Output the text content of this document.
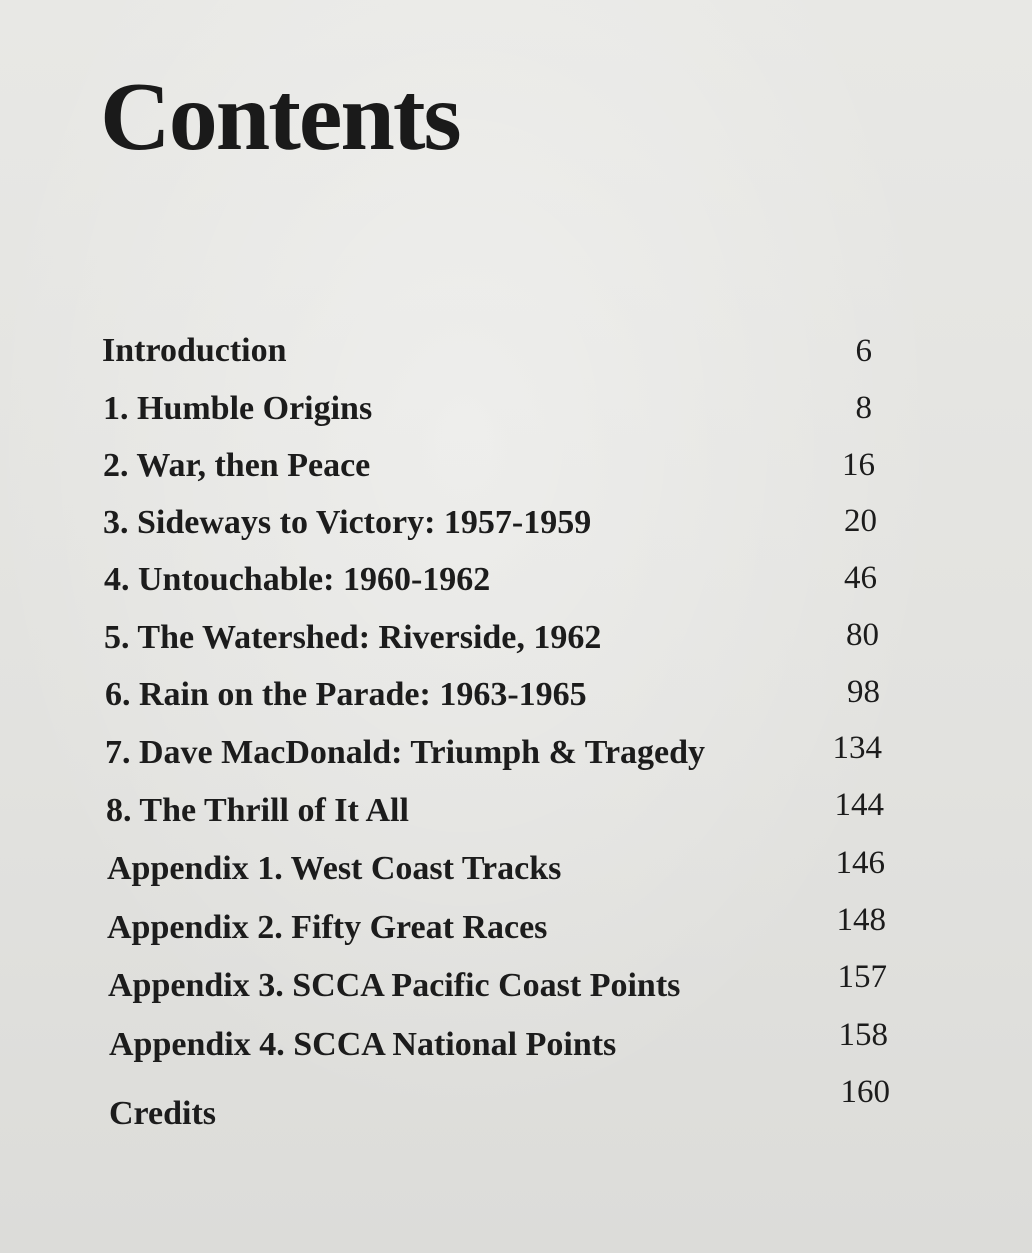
Contents
Introduction
1. Humble Origins
2. War, then Peace
3. Sideways to Victory: 1957-1959
4. Untouchable: 1960-1962
5. The Watershed: Riverside, 1962
6. Rain on the Parade: 1963-1965
7. Dave MacDonald: Triumph & Tragedy
8. The Thrill of It All
Appendix 1. West Coast Tracks
Appendix 2. Fifty Great Races
Appendix 3. SCCA Pacific Coast Points
Appendix 4. SCCA National Points
Credits
6
8
16
20
46
80
98
134
144
146
148
157
158
160
